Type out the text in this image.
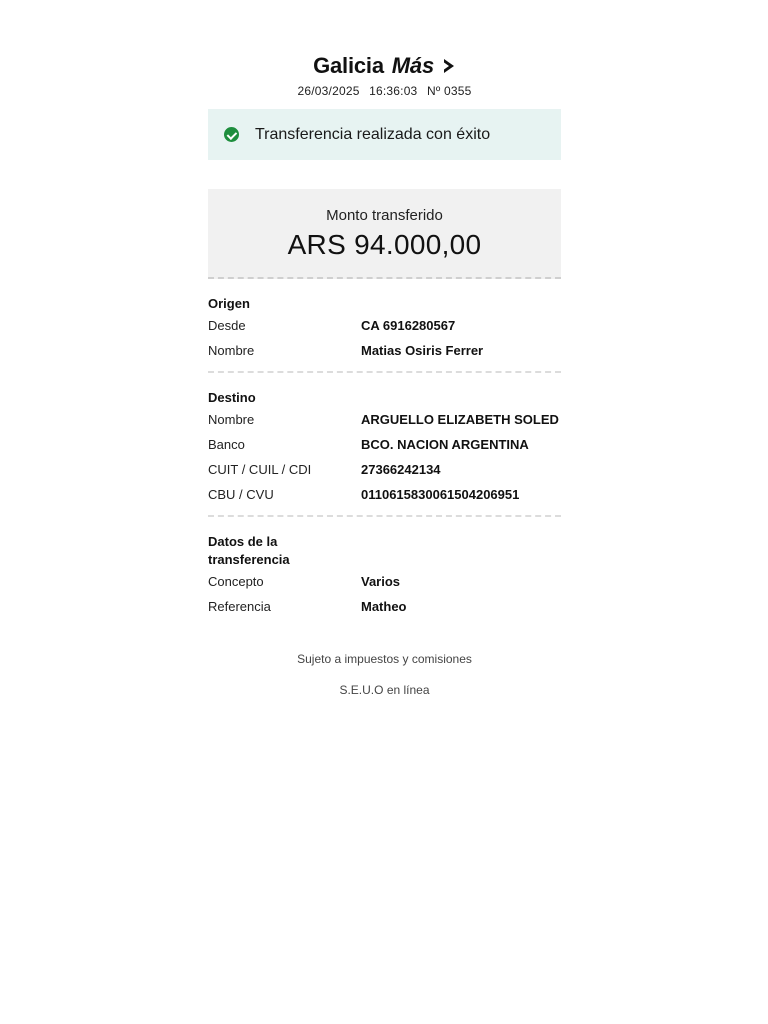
Galicia Más
26/03/2025 16:36:03 Nº 0355
Transferencia realizada con éxito
Monto transferido
ARS 94.000,00
Origen
Desde	CA 6916280567
Nombre	Matias Osiris Ferrer
Destino
Nombre	ARGUELLO ELIZABETH SOLED
Banco	BCO. NACION ARGENTINA
CUIT / CUIL / CDI	27366242134
CBU / CVU	0110615830061504206951
Datos de la transferencia
Concepto	Varios
Referencia	Matheo

Sujeto a impuestos y comisiones

S.E.U.O en línea
